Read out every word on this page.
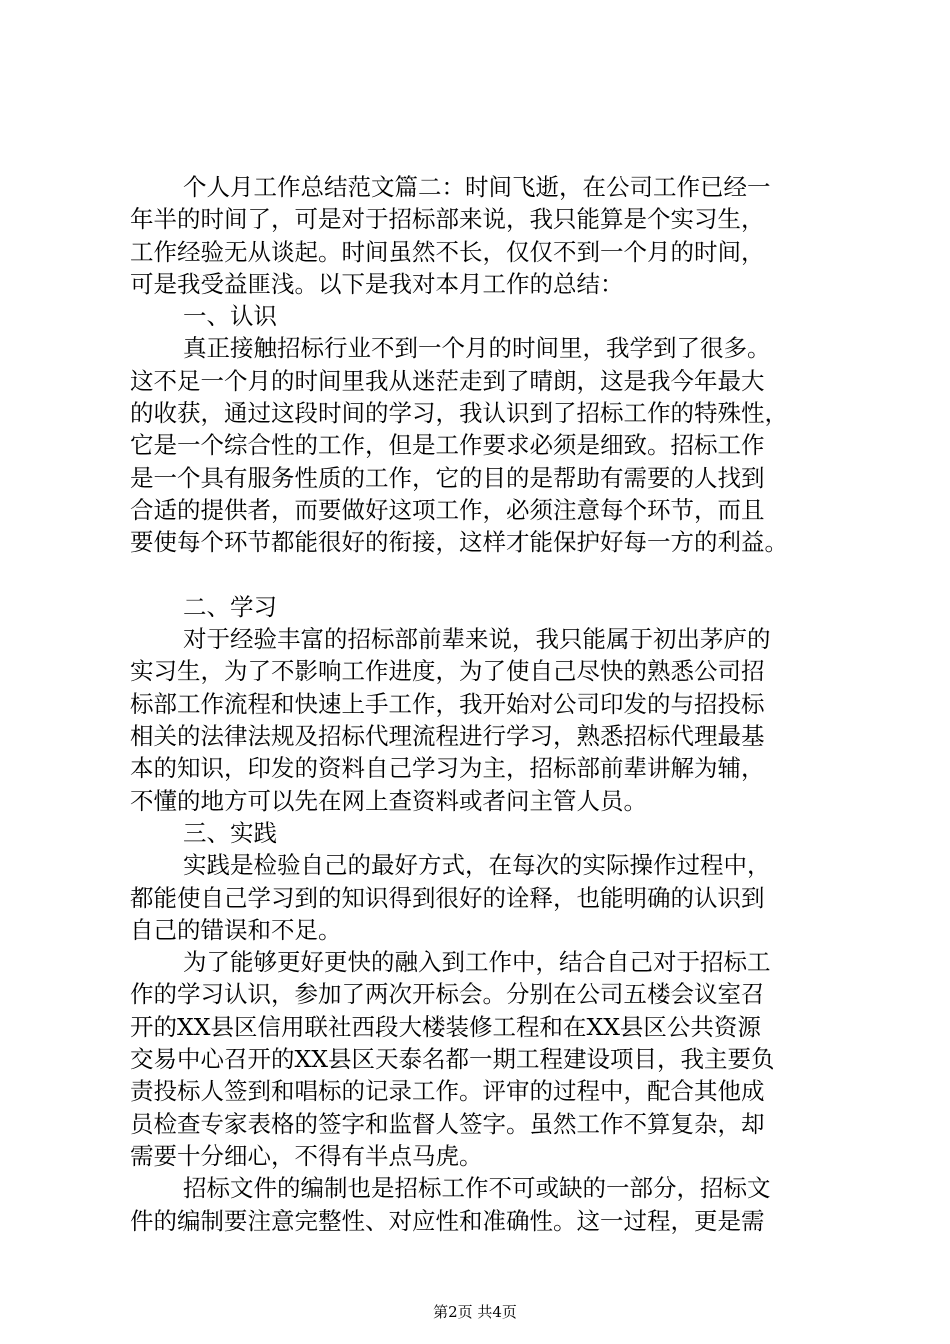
个人月工作总结范文篇二：时间飞逝，在公司工作已经一
年半的时间了，可是对于招标部来说，我只能算是个实习生，
工作经验无从谈起。时间虽然不长，仅仅不到一个月的时间，
可是我受益匪浅。以下是我对本月工作的总结：
一、认识
真正接触招标行业不到一个月的时间里，我学到了很多。
这不足一个月的时间里我从迷茫走到了晴朗，这是我今年最大
的收获，通过这段时间的学习，我认识到了招标工作的特殊性，
它是一个综合性的工作，但是工作要求必须是细致。招标工作
是一个具有服务性质的工作，它的目的是帮助有需要的人找到
合适的提供者，而要做好这项工作，必须注意每个环节，而且
要使每个环节都能很好的衔接，这样才能保护好每一方的利益。
二、学习
对于经验丰富的招标部前辈来说，我只能属于初出茅庐的
实习生，为了不影响工作进度，为了使自己尽快的熟悉公司招
标部工作流程和快速上手工作，我开始对公司印发的与招投标
相关的法律法规及招标代理流程进行学习，熟悉招标代理最基
本的知识，印发的资料自己学习为主，招标部前辈讲解为辅，
不懂的地方可以先在网上查资料或者问主管人员。
三、实践
实践是检验自己的最好方式，在每次的实际操作过程中，
都能使自己学习到的知识得到很好的诠释，也能明确的认识到
自己的错误和不足。
为了能够更好更快的融入到工作中，结合自己对于招标工
作的学习认识，参加了两次开标会。分别在公司五楼会议室召
开的XX县区信用联社西段大楼装修工程和在XX县区公共资源
交易中心召开的XX县区天泰名都一期工程建设项目，我主要负
责投标人签到和唱标的记录工作。评审的过程中，配合其他成
员检查专家表格的签字和监督人签字。虽然工作不算复杂，却
需要十分细心，不得有半点马虎。
招标文件的编制也是招标工作不可或缺的一部分，招标文
件的编制要注意完整性、对应性和准确性。这一过程，更是需
第2页 共4页
